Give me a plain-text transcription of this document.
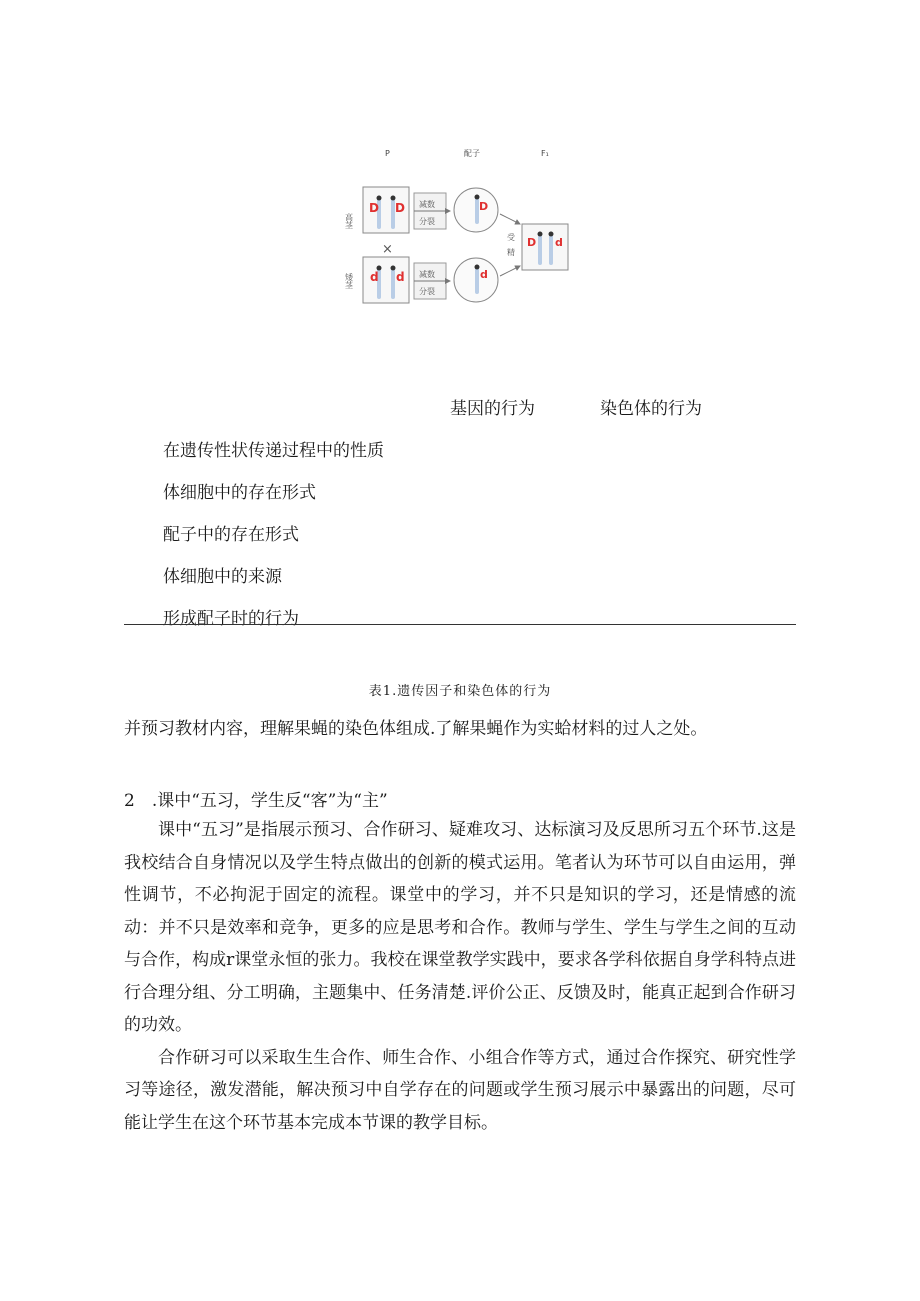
P	配子	F₁
高茎
矮茎
D D
×
d d
减数
分裂
减数
分裂
D
d
受
精
D d
基因的行为	染色体的行为
在遗传性状传递过程中的性质
体细胞中的存在形式
配子中的存在形式
体细胞中的来源
形成配子时的行为
表1.遗传因子和染色体的行为
并预习教材内容，理解果蝇的染色体组成.了解果蝇作为实蛤材料的过人之处。
2　.课中“五习，学生反“客”为“主”

课中“五习”是指展示预习、合作研习、疑难攻习、达标演习及反思所习五个环节.这是我校结合自身情况以及学生特点做出的创新的模式运用。笔者认为环节可以自由运用，弹性调节，不必拘泥于固定的流程。课堂中的学习，并不只是知识的学习，还是情感的流动：并不只是效率和竞争，更多的应是思考和合作。教师与学生、学生与学生之间的互动与合作，构成r课堂永恒的张力。我校在课堂教学实践中，要求各学科依据自身学科特点进行合理分组、分工明确，主题集中、任务清楚.评价公正、反馈及时，能真正起到合作研习的功效。

合作研习可以采取生生合作、师生合作、小组合作等方式，通过合作探究、研究性学习等途径，激发潜能，解决预习中自学存在的问题或学生预习展示中暴露出的问题，尽可能让学生在这个环节基本完成本节课的教学目标。
